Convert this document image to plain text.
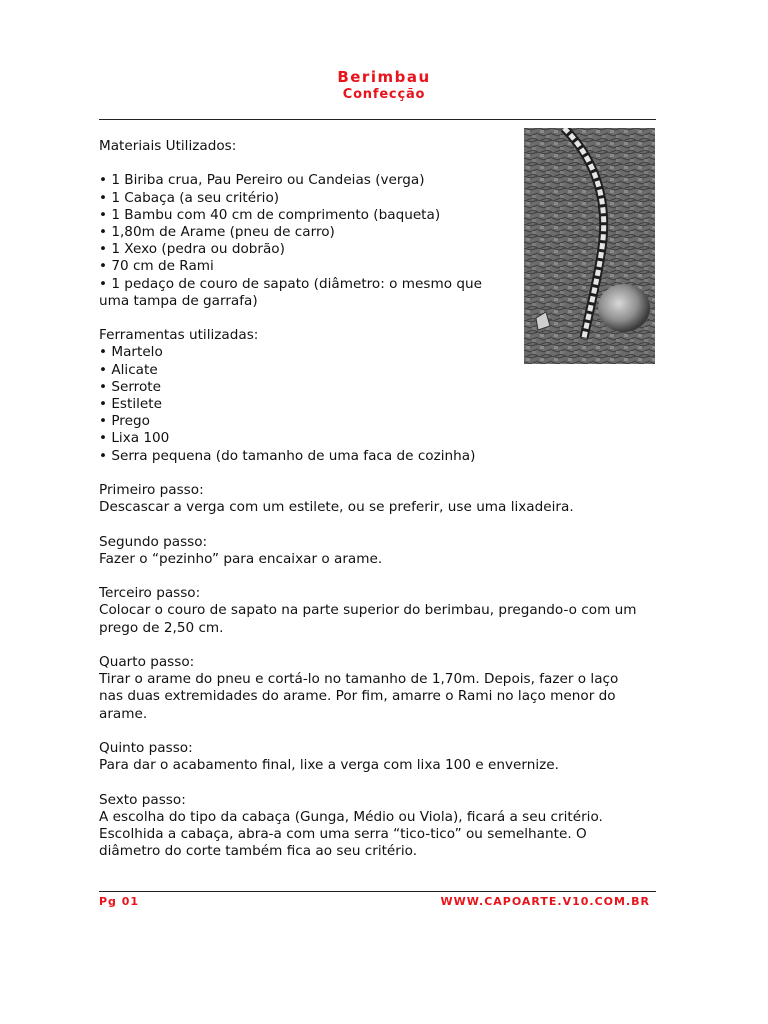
Berimbau
Confecção

Materiais Utilizados:

• 1 Biriba crua, Pau Pereiro ou Candeias (verga)

• 1 Cabaça (a seu critério)

• 1 Bambu com 40 cm de comprimento (baqueta)

• 1,80m de Arame (pneu de carro)

• 1 Xexo (pedra ou dobrão)

• 70 cm de Rami

• 1 pedaço de couro de sapato (diâmetro: o mesmo que

uma tampa de garrafa)

Ferramentas utilizadas:

• Martelo

• Alicate

• Serrote

• Estilete

• Prego

• Lixa 100

• Serra pequena (do tamanho de uma faca de cozinha)

Primeiro passo:

Descascar a verga com um estilete, ou se preferir, use uma lixadeira.

Segundo passo:

Fazer o “pezinho” para encaixar o arame.

Terceiro passo:

Colocar o couro de sapato na parte superior do berimbau, pregando-o com um

prego de 2,50 cm.

Quarto passo:

Tirar o arame do pneu e cortá-lo no tamanho de 1,70m. Depois, fazer o laço

nas duas extremidades do arame. Por fim, amarre o Rami no laço menor do

arame.

Quinto passo:

Para dar o acabamento final, lixe a verga com lixa 100 e envernize.

Sexto passo:

A escolha do tipo da cabaça (Gunga, Médio ou Viola), ficará a seu critério.

Escolhida a cabaça, abra-a com uma serra “tico-tico” ou semelhante. O

diâmetro do corte também fica ao seu critério.

Pg 01	WWW.CAPOARTE.V10.COM.BR
